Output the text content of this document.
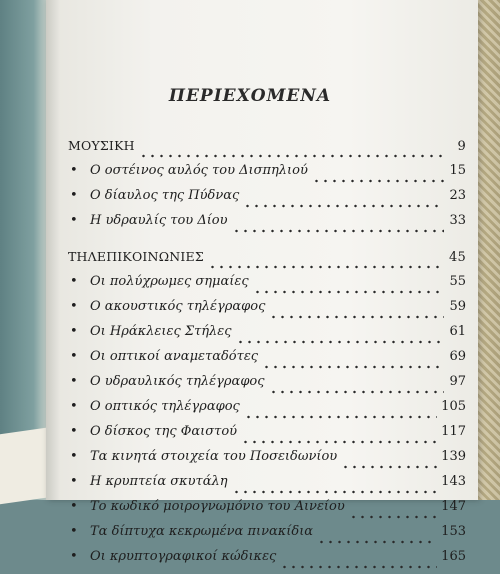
ΠΕΡΙΕΧΟΜΕΝΑ
ΜΟΥΣΙΚΗ	9
• Ο οστέινος αυλός του Δισπηλιού	15
• Ο δίαυλος της Πύδνας	23
• Η υδραυλίς του Δίου	33
ΤΗΛΕΠΙΚΟΙΝΩΝΙΕΣ	45
• Οι πολύχρωμες σημαίες	55
• Ο ακουστικός τηλέγραφος	59
• Οι Ηράκλειες Στήλες	61
• Οι οπτικοί αναμεταδότες	69
• Ο υδραυλικός τηλέγραφος	97
• Ο οπτικός τηλέγραφος	105
• Ο δίσκος της Φαιστού	117
• Τα κινητά στοιχεία του Ποσειδωνίου	139
• Η κρυπτεία σκυτάλη	143
• Το κωδικό μοιρογνωμόνιο του Αινείου	147
• Τα δίπτυχα κεκρωμένα πινακίδια	153
• Οι κρυπτογραφικοί κώδικες	165
